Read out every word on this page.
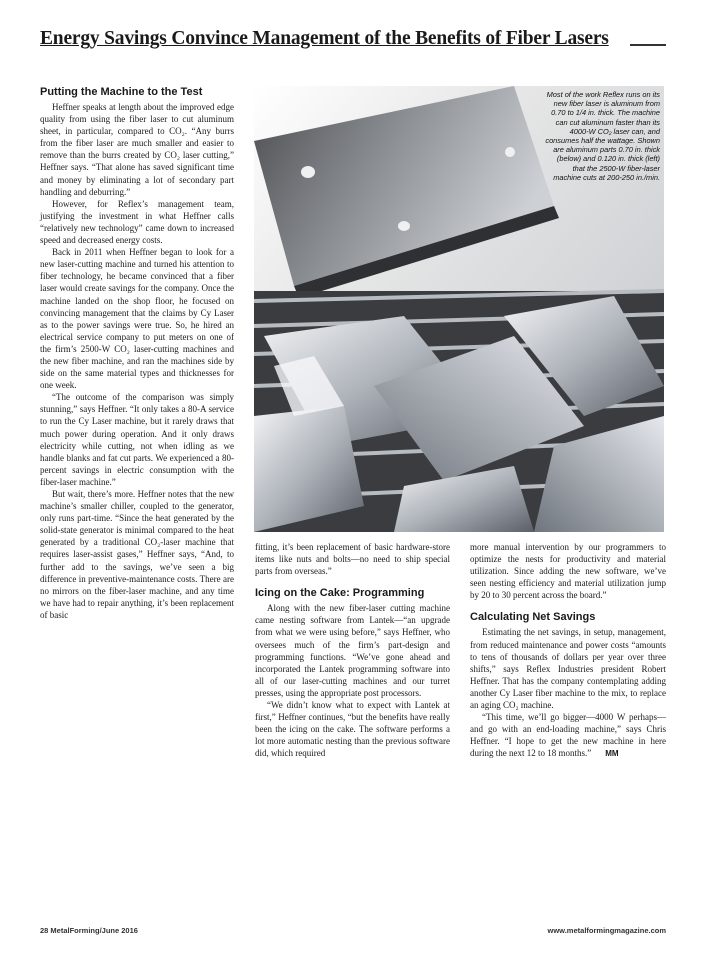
Energy Savings Convince Management of the Benefits of Fiber Lasers
Putting the Machine to the Test

Heffner speaks at length about the improved edge quality from using the fiber laser to cut aluminum sheet, in particular, compared to CO₂. “Any burrs from the fiber laser are much smaller and easier to remove than the burrs created by CO₂ laser cutting,” Heffner says. “That alone has saved significant time and money by eliminating a lot of secondary part handling and deburring.”

However, for Reflex’s management team, justifying the investment in what Heffner calls “relatively new technology” came down to increased speed and decreased energy costs.

Back in 2011 when Heffner began to look for a new laser-cutting machine and turned his attention to fiber technology, he became convinced that a fiber laser would create savings for the company. Once the machine landed on the shop floor, he focused on convincing management that the claims by Cy Laser as to the power savings were true. So, he hired an electrical service company to put meters on one of the firm’s 2500-W CO₂ laser-cutting machines and the new fiber machine, and ran the machines side by side on the same material types and thicknesses for one week.

“The outcome of the comparison was simply stunning,” says Heffner. “It only takes a 80-A service to run the Cy Laser machine, but it rarely draws that much power during operation. And it only draws electricity while cutting, not when idling as we handle blanks and fat cut parts. We experienced a 80-percent savings in electric consumption with the fiber-laser machine.”

But wait, there’s more. Heffner notes that the new machine’s smaller chiller, coupled to the generator, only runs part-time. “Since the heat generated by the solid-state generator is minimal compared to the heat generated by a traditional CO₂-laser machine that requires laser-assist gases,” Heffner says, “And, to further add to the savings, we’ve seen a big difference in preventive-maintenance costs. There are no mirrors on the fiber-laser machine, and any time we have had to repair anything, it’s been replacement of basic

Most of the work Reflex runs on its new fiber laser is aluminum from 0.70 to 1/4 in. thick. The machine can cut aluminum faster than its 4000-W CO₂ laser can, and consumes half the wattage. Shown are aluminum parts 0.70 in. thick (below) and 0.120 in. thick (left) that the 2500-W fiber-laser machine cuts at 200-250 in./min.

fitting, it’s been replacement of basic hardware-store items like nuts and bolts—no need to ship special parts from overseas.”

Icing on the Cake: Programming

Along with the new fiber-laser cutting machine came nesting software from Lantek—“an upgrade from what we were using before,” says Heffner, who oversees much of the firm’s part-design and programming functions. “We’ve gone ahead and incorporated the Lantek programming software into all of our laser-cutting machines and our turret presses, using the appropriate post processors.

“We didn’t know what to expect with Lantek at first,” Heffner continues, “but the benefits have really been the icing on the cake. The software performs a lot more automatic nesting than the previous software did, which required

more manual intervention by our programmers to optimize the nests for productivity and material utilization. Since adding the new software, we’ve seen nesting efficiency and material utilization jump by 20 to 30 percent across the board.”

Calculating Net Savings

Estimating the net savings, in setup, management, from reduced maintenance and power costs “amounts to tens of thousands of dollars per year over three shifts,” says Reflex Industries president Robert Heffner. That has the company contemplating adding another Cy Laser fiber machine to the mix, to replace an aging CO₂ machine.

“This time, we’ll go bigger—4000 W perhaps—and go with an end-loading machine,” says Chris Heffner. “I hope to get the new machine in here during the next 12 to 18 months.” MM

28 MetalForming/June 2016	www.metalformingmagazine.com
